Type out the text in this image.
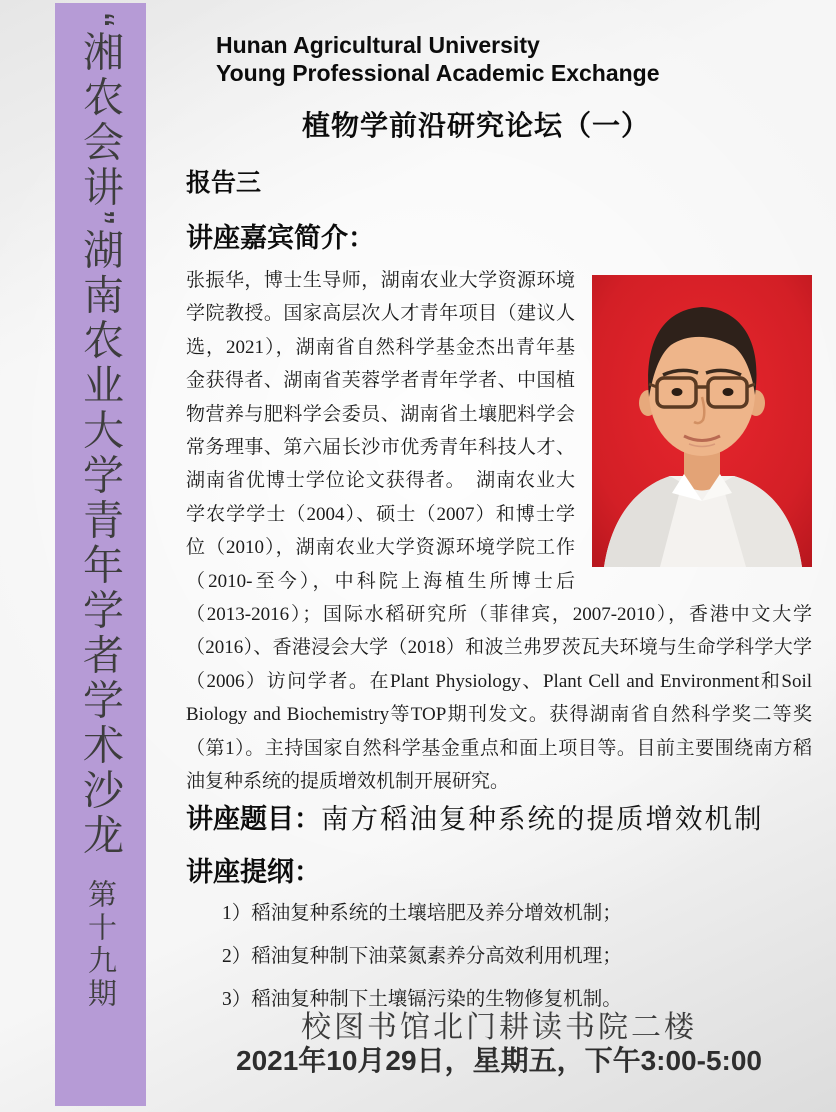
“湘农会讲”湖南农业大学青年学者学术沙龙 第十九期
Hunan Agricultural University
Young Professional Academic Exchange
植物学前沿研究论坛（一）
报告三
讲座嘉宾简介：
张振华，博士生导师，湖南农业大学资源环境学院教授。国家高层次人才青年项目（建议人选，2021），湖南省自然科学基金杰出青年基金获得者、湖南省芙蓉学者青年学者、中国植物营养与肥料学会委员、湖南省土壤肥料学会常务理事、第六届长沙市优秀青年科技人才、湖南省优博士学位论文获得者。　湖南农业大学农学学士（2004）、硕士（2007）和博士学位（2010），湖南农业大学资源环境学院工作（2010-至今），中科院上海植生所博士后（2013-2016）；国际水稻研究所（菲律宾，2007-2010），香港中文大学（2016）、香港浸会大学（2018）和波兰弗罗茨瓦夫环境与生命学科学大学（2006）访问学者。在Plant Physiology、Plant Cell and Environment和Soil Biology and Biochemistry等TOP期刊发文。获得湖南省自然科学奖二等奖（第1）。主持国家自然科学基金重点和面上项目等。目前主要围绕南方稻油复种系统的提质增效机制开展研究。
讲座题目： 南方稻油复种系统的提质增效机制
讲座提纲：
1）稻油复种系统的土壤培肥及养分增效机制；
2）稻油复种制下油菜氮素养分高效利用机理；
3）稻油复种制下土壤镉污染的生物修复机制。
校图书馆北门耕读书院二楼
2021年10月29日，星期五，下午3:00-5:00
